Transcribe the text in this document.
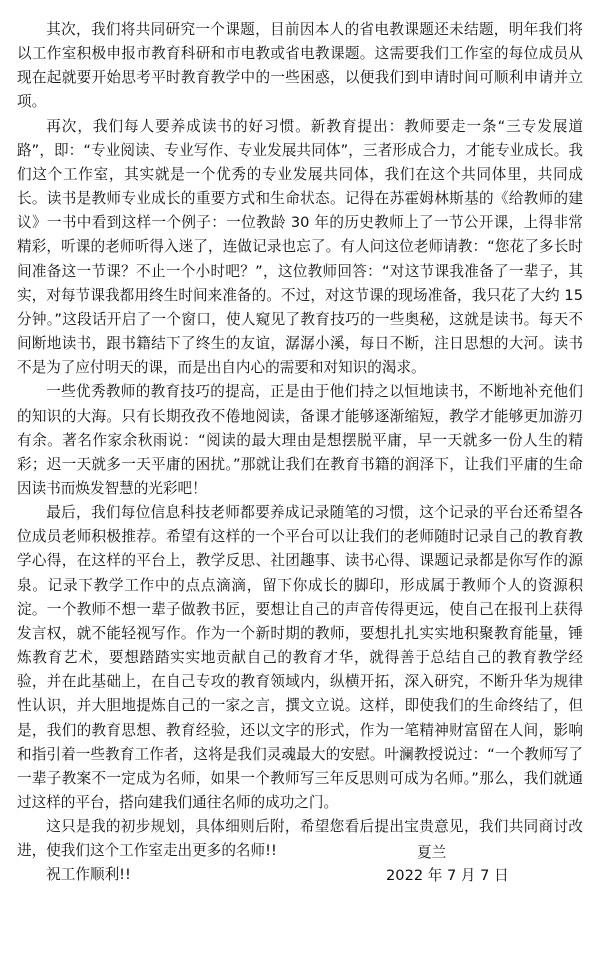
其次，我们将共同研究一个课题，目前因本人的省电教课题还未结题，明年我们将以工作室积极申报市教育科研和市电教或省电教课题。这需要我们工作室的每位成员从现在起就要开始思考平时教育教学中的一些困惑，以便我们到申请时间可顺利申请并立项。

再次，我们每人要养成读书的好习惯。新教育提出：教师要走一条“三专发展道路”，即：“专业阅读、专业写作、专业发展共同体”，三者形成合力，才能专业成长。我们这个工作室，其实就是一个优秀的专业发展共同体，我们在这个共同体里，共同成长。读书是教师专业成长的重要方式和生命状态。记得在苏霍姆林斯基的《给教师的建议》一书中看到这样一个例子：一位教龄 30 年的历史教师上了一节公开课，上得非常精彩，听课的老师听得入迷了，连做记录也忘了。有人问这位老师请教：“您花了多长时间准备这一节课？不止一个小时吧？”，这位教师回答：“对这节课我准备了一辈子，其实，对每节课我都用终生时间来准备的。不过，对这节课的现场准备，我只花了大约 15 分钟。”这段话开启了一个窗口，使人窥见了教育技巧的一些奥秘，这就是读书。每天不间断地读书，跟书籍结下了终生的友谊，潺潺小溪，每日不断，注日思想的大河。读书不是为了应付明天的课，而是出自内心的需要和对知识的渴求。

一些优秀教师的教育技巧的提高，正是由于他们持之以恒地读书，不断地补充他们的知识的大海。只有长期孜孜不倦地阅读，备课才能够逐渐缩短，教学才能够更加游刃有余。著名作家余秋雨说：“阅读的最大理由是想摆脱平庸，早一天就多一份人生的精彩；迟一天就多一天平庸的困扰。”那就让我们在教育书籍的润泽下，让我们平庸的生命因读书而焕发智慧的光彩吧！

最后，我们每位信息科技老师都要养成记录随笔的习惯，这个记录的平台还希望各位成员老师积极推荐。希望有这样的一个平台可以让我们的老师随时记录自己的教育教学心得，在这样的平台上，教学反思、社团趣事、读书心得、课题记录都是你写作的源泉。记录下教学工作中的点点滴滴，留下你成长的脚印，形成属于教师个人的资源积淀。一个教师不想一辈子做教书匠，要想让自己的声音传得更远，使自己在报刊上获得发言权，就不能轻视写作。作为一个新时期的教师，要想扎扎实实地积聚教育能量，锤炼教育艺术，要想踏踏实实地贡献自己的教育才华，就得善于总结自己的教育教学经验，并在此基础上，在自己专攻的教育领域内，纵横开拓，深入研究，不断升华为规律性认识，并大胆地提炼自己的一家之言，撰文立说。这样，即使我们的生命终结了，但是，我们的教育思想、教育经验，还以文字的形式，作为一笔精神财富留在人间，影响和指引着一些教育工作者，这将是我们灵魂最大的安慰。叶澜教授说过：“一个教师写了一辈子教案不一定成为名师，如果一个教师写三年反思则可成为名师。”那么，我们就通过这样的平台，搭向建我们通往名师的成功之门。

这只是我的初步规划，具体细则后附，希望您看后提出宝贵意见，我们共同商讨改进，使我们这个工作室走出更多的名师!!

祝工作顺利!!

夏兰
2022 年 7 月 7 日
